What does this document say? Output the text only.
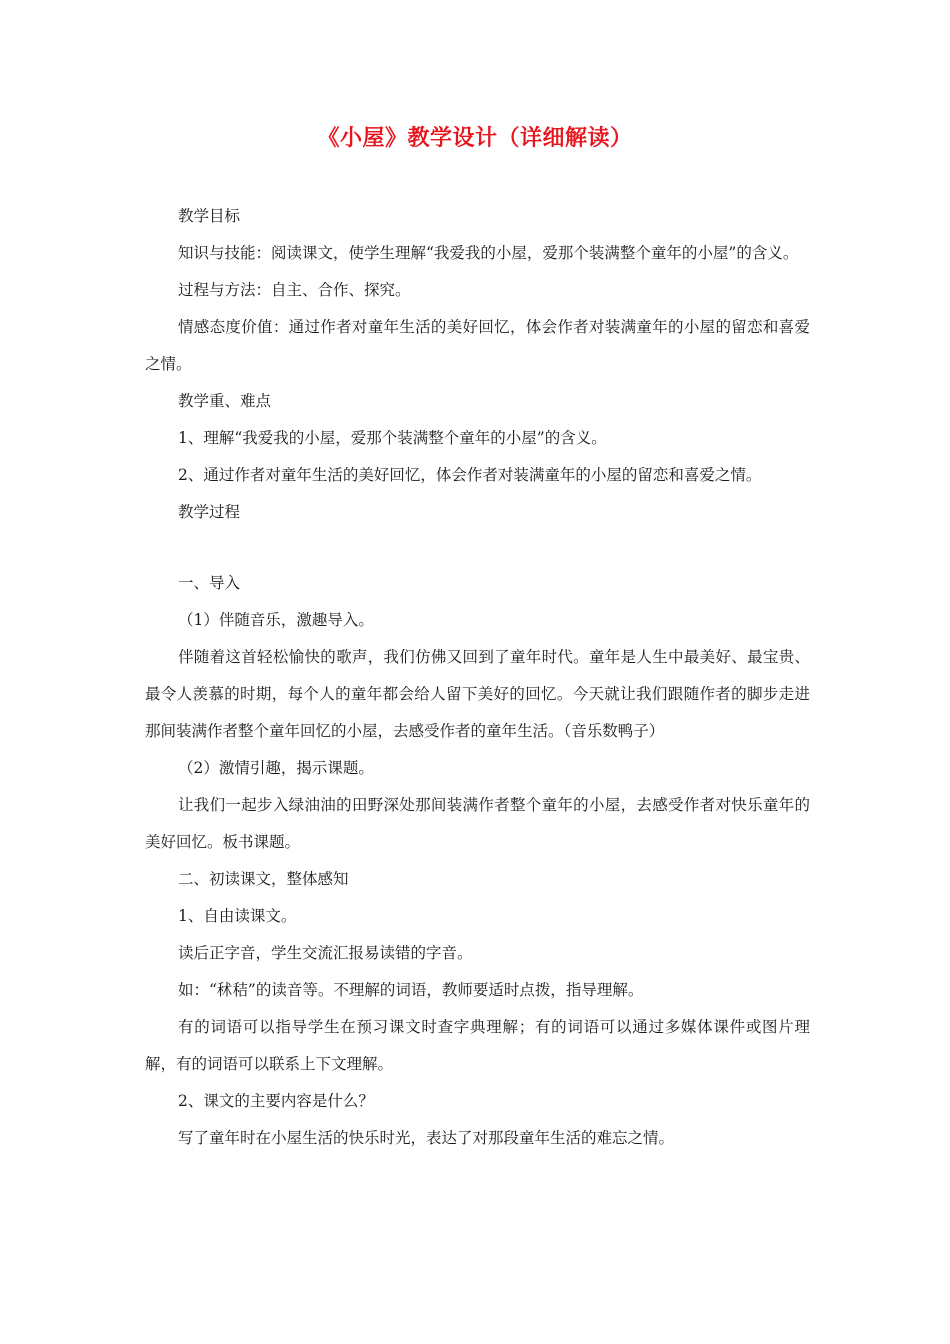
《小屋》教学设计（详细解读）

教学目标

知识与技能：阅读课文，使学生理解“我爱我的小屋，爱那个装满整个童年的小屋”的含义。

过程与方法：自主、合作、探究。

情感态度价值：通过作者对童年生活的美好回忆，体会作者对装满童年的小屋的留恋和喜爱之情。

教学重、难点

1、理解“我爱我的小屋，爱那个装满整个童年的小屋”的含义。

2、通过作者对童年生活的美好回忆，体会作者对装满童年的小屋的留恋和喜爱之情。

教学过程

一、导入

（1）伴随音乐，激趣导入。

伴随着这首轻松愉快的歌声，我们仿佛又回到了童年时代。童年是人生中最美好、最宝贵、最令人羡慕的时期，每个人的童年都会给人留下美好的回忆。今天就让我们跟随作者的脚步走进那间装满作者整个童年回忆的小屋，去感受作者的童年生活。（音乐数鸭子）

（2）激情引趣，揭示课题。

让我们一起步入绿油油的田野深处那间装满作者整个童年的小屋，去感受作者对快乐童年的美好回忆。板书课题。

二、初读课文，整体感知

1、自由读课文。

读后正字音，学生交流汇报易读错的字音。

如：“秫秸”的读音等。不理解的词语，教师要适时点拨，指导理解。

有的词语可以指导学生在预习课文时查字典理解；有的词语可以通过多媒体课件或图片理解，有的词语可以联系上下文理解。

2、课文的主要内容是什么？

写了童年时在小屋生活的快乐时光，表达了对那段童年生活的难忘之情。
